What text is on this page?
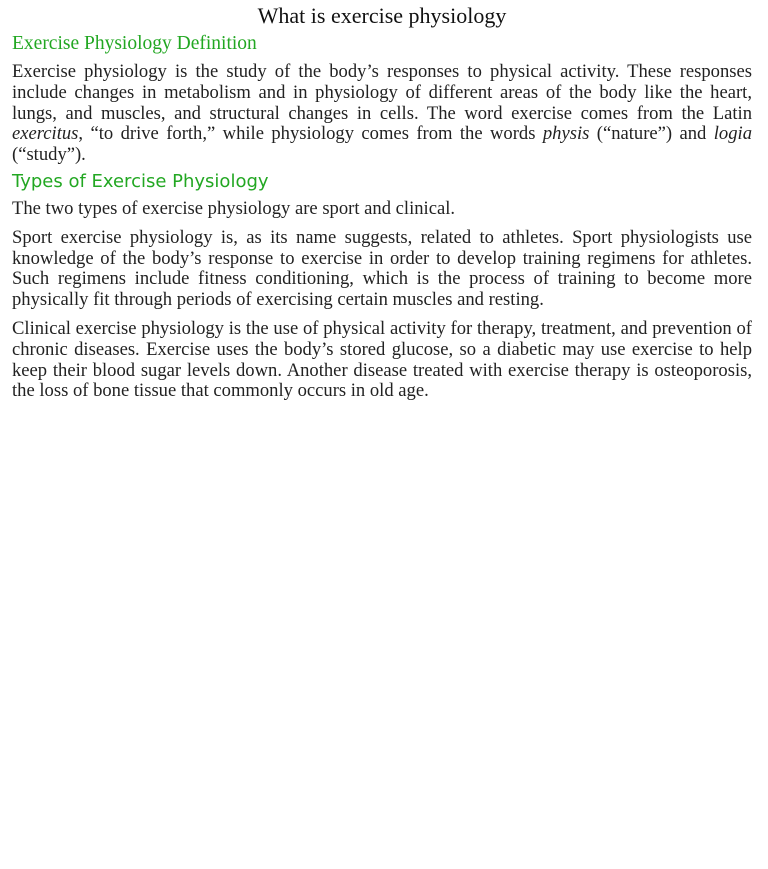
What is exercise physiology
Exercise Physiology Definition

Exercise physiology is the study of the body’s responses to physical activity. These responses include changes in metabolism and in physiology of different areas of the body like the heart, lungs, and muscles, and structural changes in cells. The word exercise comes from the Latin exercitus, “to drive forth,” while physiology comes from the words physis (“nature”) and logia (“study”).

Types of Exercise Physiology

The two types of exercise physiology are sport and clinical.

Sport exercise physiology is, as its name suggests, related to athletes. Sport physiologists use knowledge of the body’s response to exercise in order to develop training regimens for athletes. Such regimens include fitness conditioning, which is the process of training to become more physically fit through periods of exercising certain muscles and resting.

Clinical exercise physiology is the use of physical activity for therapy, treatment, and prevention of chronic diseases. Exercise uses the body’s stored glucose, so a diabetic may use exercise to help keep their blood sugar levels down. Another disease treated with exercise therapy is osteoporosis, the loss of bone tissue that commonly occurs in old age.
